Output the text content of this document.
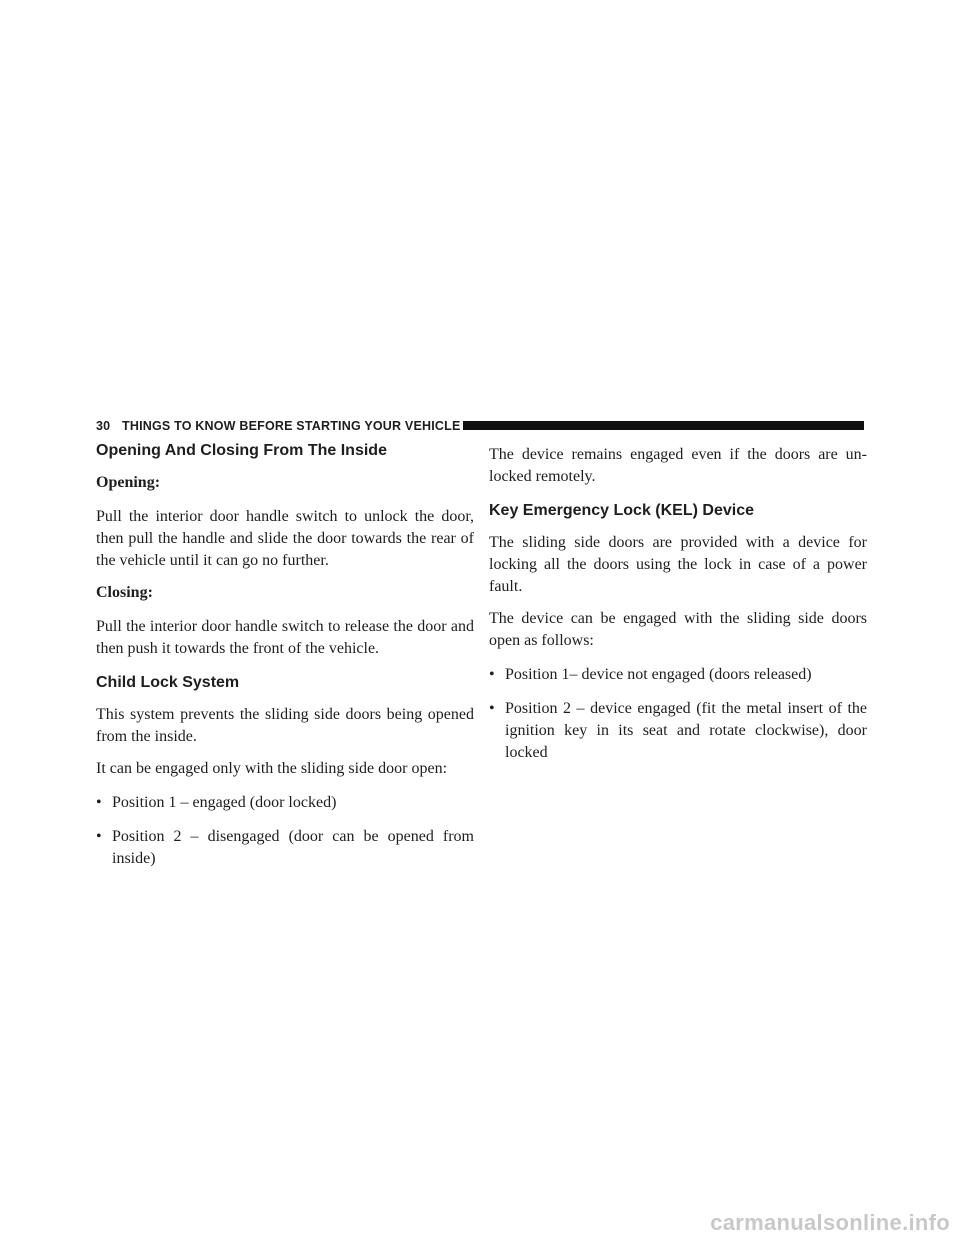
30 THINGS TO KNOW BEFORE STARTING YOUR VEHICLE
Opening And Closing From The Inside

Opening:

Pull the interior door handle switch to unlock the door, then pull the handle and slide the door towards the rear of the vehicle until it can go no further.

Closing:

Pull the interior door handle switch to release the door and then push it towards the front of the vehicle.

Child Lock System

This system prevents the sliding side doors being opened from the inside.

It can be engaged only with the sliding side door open:

• Position 1 – engaged (door locked)
• Position 2 – disengaged (door can be opened from inside)

The device remains engaged even if the doors are un-locked remotely.

Key Emergency Lock (KEL) Device

The sliding side doors are provided with a device for locking all the doors using the lock in case of a power fault.

The device can be engaged with the sliding side doors open as follows:

• Position 1– device not engaged (doors released)
• Position 2 – device engaged (fit the metal insert of the ignition key in its seat and rotate clockwise), door locked
carmanualsonline.info
